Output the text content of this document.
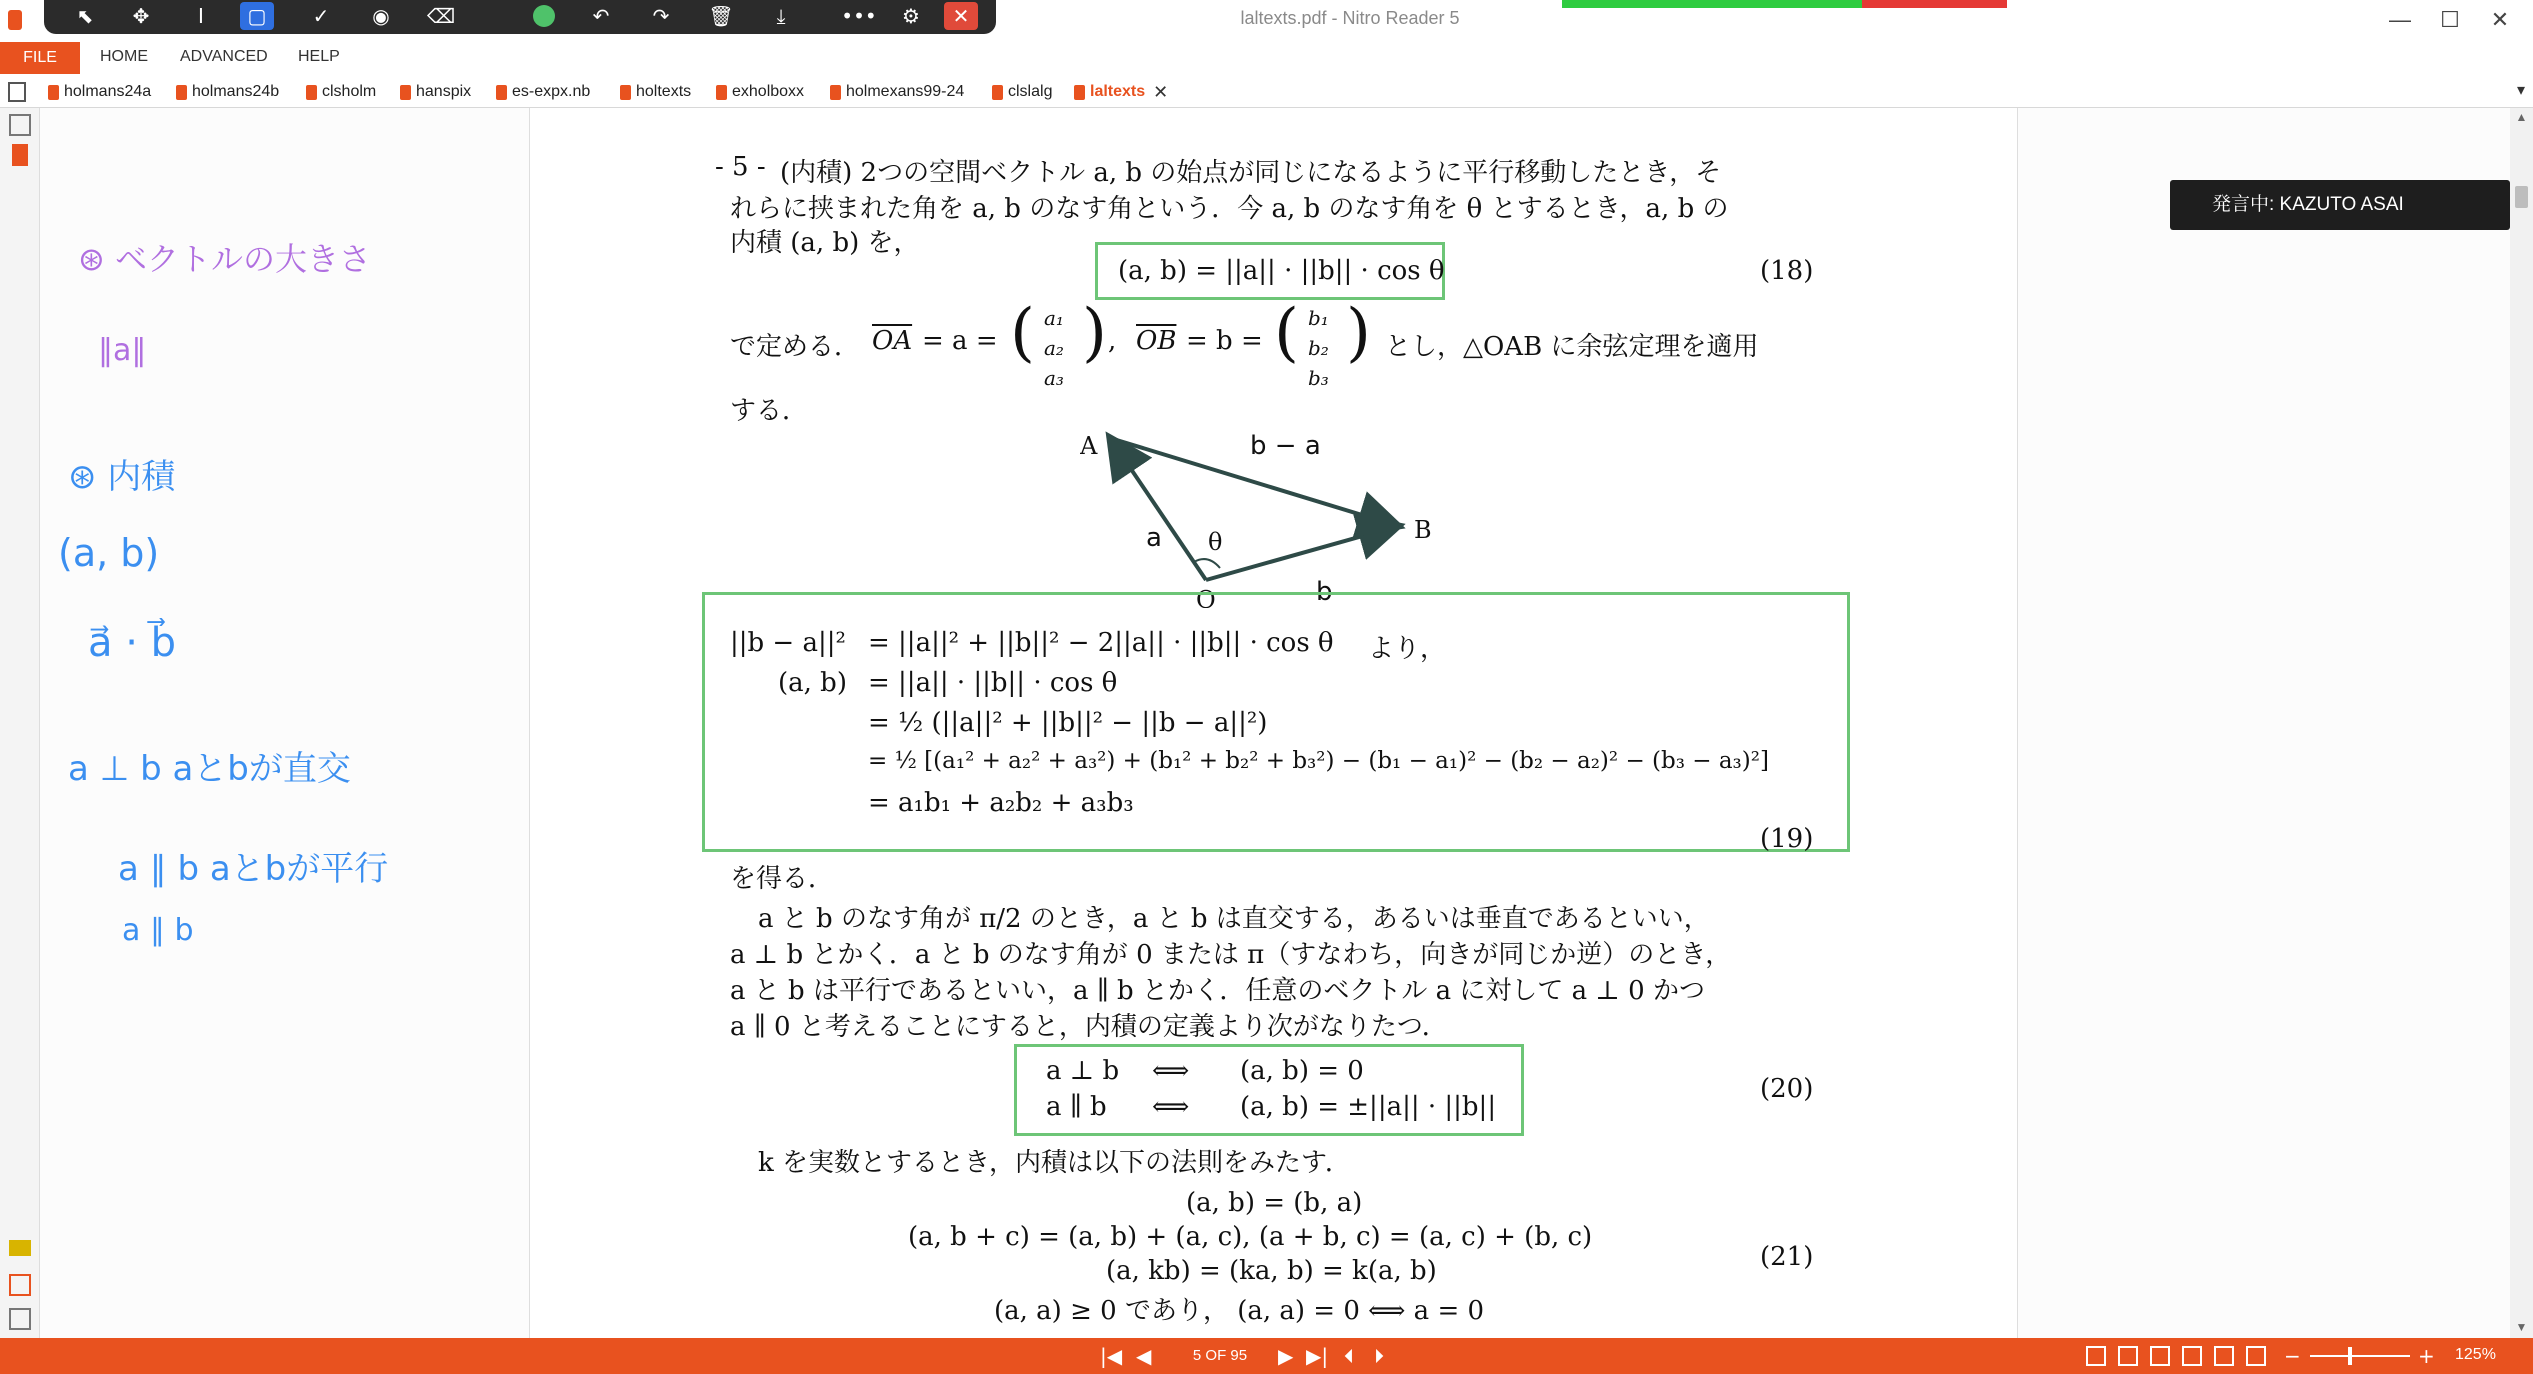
laltexts.pdf - Nitro Reader 5	—	☐	✕
⬉	✥	I	▢	✓	◉	⌫	↶	↷	🗑	⤓	•••	⚙	✕
FILE	HOME ADVANCED HELP
holmans24a	holmans24b	clsholm hanspix	es-expx.nb	holtexts	exholboxx	holmexans99-24	clslalg laltexts ✕	▾
⊛ ベクトルの大きさ
‖a‖
⊛ 内積
(a, b)
a⃗ · b⃗
a ⊥ b aとbが直交
a ∥ b aとbが平行
a ∥ b
- 5 - (内積) 2つの空間ベクトル a, b の始点が同じになるように平行移動したとき，そ
れらに挟まれた角を a, b のなす角という．今 a, b のなす角を θ とするとき，a, b の
内積 (a, b) を，
(a, b) = ||a|| · ||b|| · cos θ	(18)
で定める． $\overline{OA} = a$ = ( a₁
a₂
a₃
) , $\overline{OB} = b$ = ( b₁
b₂
b₃
) とし，△OAB に余弦定理を適用
する．
A
B
O
b − a
a θ
b
||b − a||² = ||a||² + ||b||² − 2||a|| · ||b|| · cos θ より，
(a, b) = ||a|| · ||b|| · cos θ
= ½ (||a||² + ||b||² − ||b − a||²)
= ½ [(a₁² + a₂² + a₃²) + (b₁² + b₂² + b₃²) − (b₁ − a₁)² − (b₂ − a₂)² − (b₃ − a₃)²]
= a₁b₁ + a₂b₂ + a₃b₃
(19)
を得る．
a と b のなす角が π/2 のとき，a と b は直交する，あるいは垂直であるといい，
a ⊥ b とかく．a と b のなす角が 0 または π（すなわち，向きが同じか逆）のとき，
a と b は平行であるといい，a ∥ b とかく．任意のベクトル a に対して a ⊥ 0 かつ
a ∥ 0 と考えることにすると，内積の定義より次がなりたつ．
a ⊥ b ⟺ (a, b) = 0
a ∥ b ⟺ (a, b) = ±||a|| · ||b||
(20)
k を実数とするとき，内積は以下の法則をみたす．
(a, b) = (b, a)
(a, b + c) = (a, b) + (a, c), (a + b, c) = (a, c) + (b, c)
(a, kb) = (ka, b) = k(a, b)
(a, a) ≥ 0 であり， (a, a) = 0 ⟺ a = 0
(21)
発言中: KAZUTO ASAI
▲
▼
|◀ ◀	5 OF 95	▶ ▶| ⏴ ⏵	−	+ 125%
